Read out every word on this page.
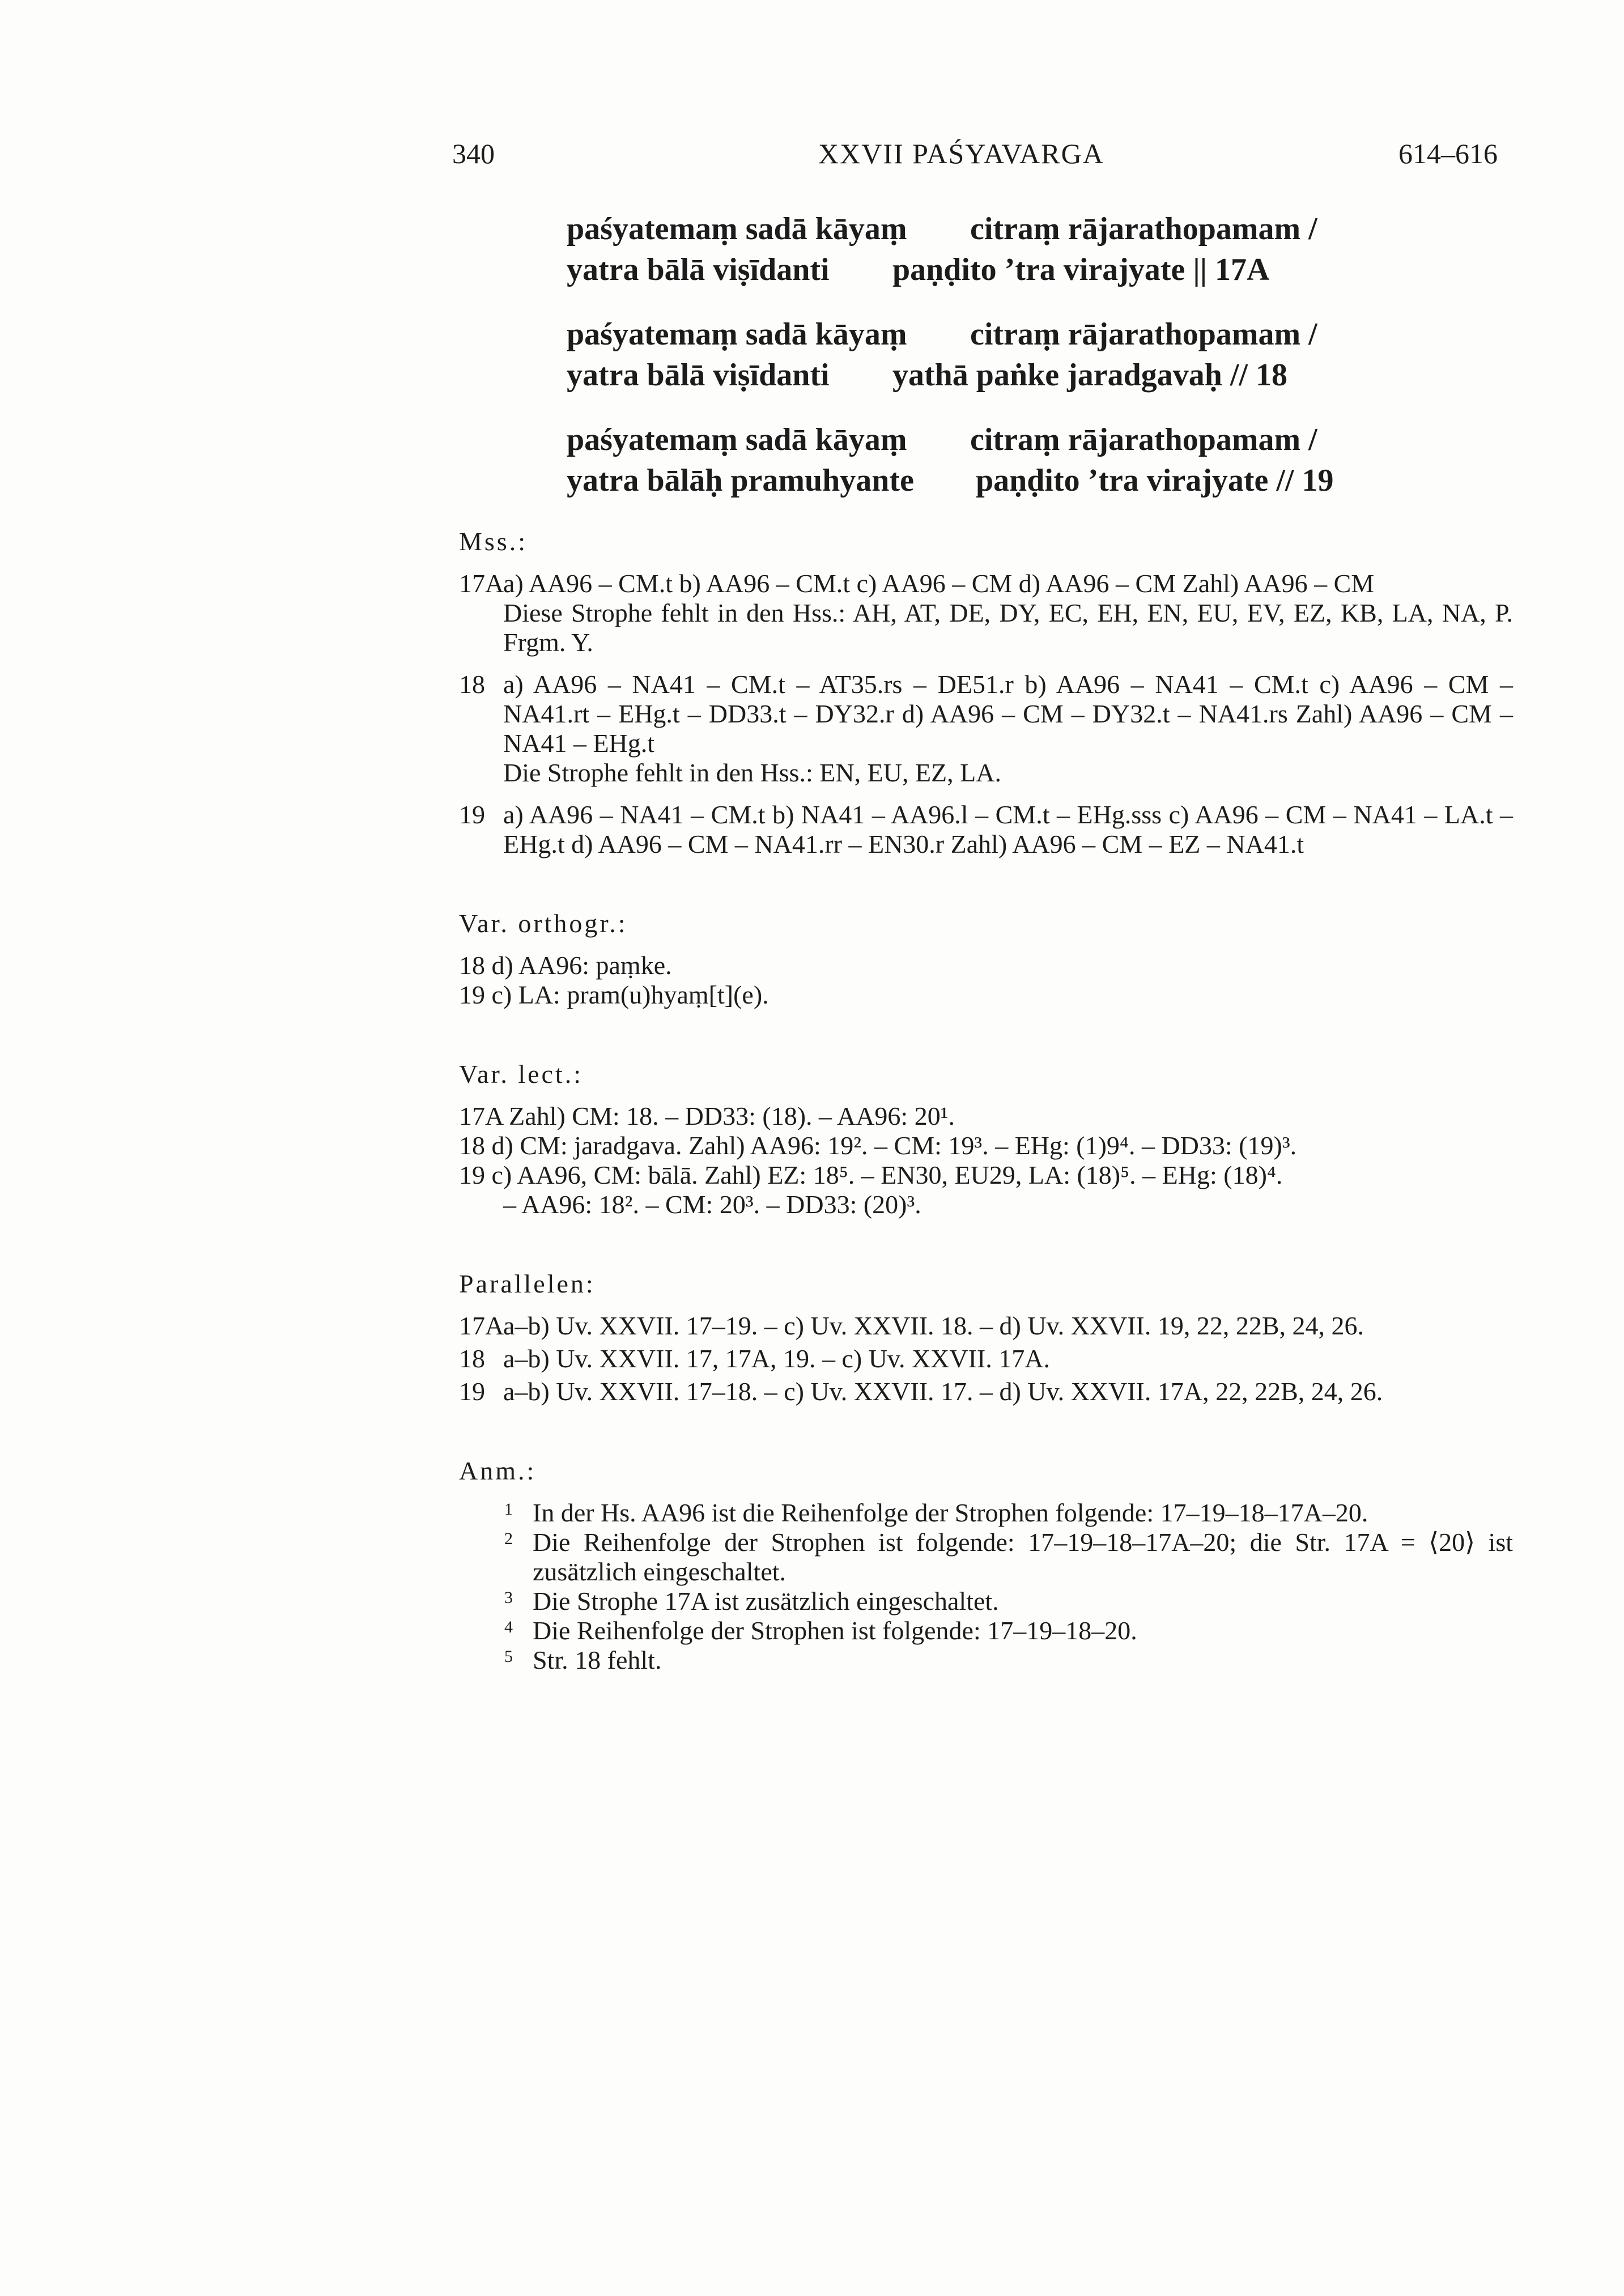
340	XXVII PAŚYAVARGA	614–616
paśyatemaṃ sadā kāyaṃ citraṃ rājarathopamam /
yatra bālā viṣīdanti paṇḍito ’tra virajyate || 17A
paśyatemaṃ sadā kāyaṃ citraṃ rājarathopamam /
yatra bālā viṣīdanti yathā paṅke jaradgavaḥ // 18
paśyatemaṃ sadā kāyaṃ citraṃ rājarathopamam /
yatra bālāḥ pramuhyante paṇḍito ’tra virajyate // 19
Mss.:
17A
a) AA96 – CM.t b) AA96 – CM.t c) AA96 – CM d) AA96 – CM Zahl) AA96 – CM
Diese Strophe fehlt in den Hss.: AH, AT, DE, DY, EC, EH, EN, EU, EV, EZ, KB, LA, NA, P. Frgm. Y.
18 a) AA96 – NA41 – CM.t – AT35.rs – DE51.r b) AA96 – NA41 – CM.t c) AA96 – CM – NA41.rt – EHg.t – DD33.t – DY32.r d) AA96 – CM – DY32.t – NA41.rs Zahl) AA96 – CM – NA41 – EHg.t
Die Strophe fehlt in den Hss.: EN, EU, EZ, LA.
19 a) AA96 – NA41 – CM.t b) NA41 – AA96.l – CM.t – EHg.sss c) AA96 – CM – NA41 – LA.t – EHg.t d) AA96 – CM – NA41.rr – EN30.r Zahl) AA96 – CM – EZ – NA41.t
Var. orthogr.:
18 d) AA96: paṃke.
19 c) LA: pram(u)hyaṃ[t](e).
Var. lect.:
17A Zahl) CM: 18. – DD33: (18). – AA96: 20¹.
18 d) CM: jaradgava. Zahl) AA96: 19². – CM: 19³. – EHg: (1)9⁴. – DD33: (19)³.
19 c) AA96, CM: bālā. Zahl) EZ: 18⁵. – EN30, EU29, LA: (18)⁵. – EHg: (18)⁴.
– AA96: 18². – CM: 20³. – DD33: (20)³.
Parallelen:
17A
a–b) Uv. XXVII. 17–19. – c) Uv. XXVII. 18. – d) Uv. XXVII. 19, 22, 22B, 24, 26.
18 a–b) Uv. XXVII. 17, 17A, 19. – c) Uv. XXVII. 17A.
19 a–b) Uv. XXVII. 17–18. – c) Uv. XXVII. 17. – d) Uv. XXVII. 17A, 22, 22B, 24, 26.
Anm.:
1 In der Hs. AA96 ist die Reihenfolge der Strophen folgende: 17–19–18–17A–20.
2 Die Reihenfolge der Strophen ist folgende: 17–19–18–17A–20; die Str. 17A = ⟨20⟩ ist zusätzlich eingeschaltet.
3 Die Strophe 17A ist zusätzlich eingeschaltet.
4 Die Reihenfolge der Strophen ist folgende: 17–19–18–20.
5 Str. 18 fehlt.
